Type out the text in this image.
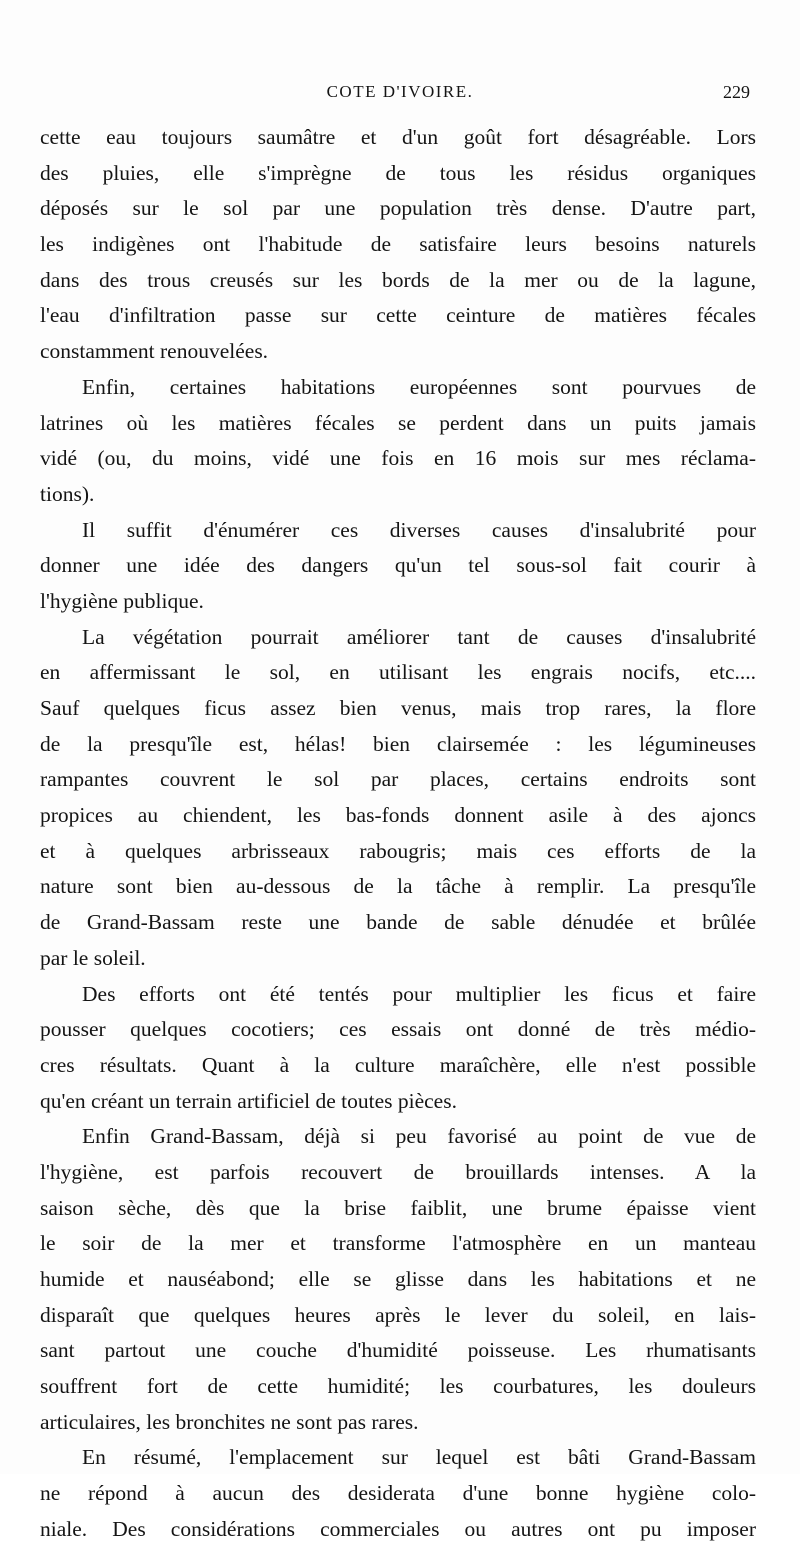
COTE D'IVOIRE.	229
cette eau toujours saumâtre et d'un goût fort désagréable. Lors
des pluies, elle s'imprègne de tous les résidus organiques
déposés sur le sol par une population très dense. D'autre part,
les indigènes ont l'habitude de satisfaire leurs besoins naturels
dans des trous creusés sur les bords de la mer ou de la lagune,
l'eau d'infiltration passe sur cette ceinture de matières fécales
constamment renouvelées.
Enfin, certaines habitations européennes sont pourvues de
latrines où les matières fécales se perdent dans un puits jamais
vidé (ou, du moins, vidé une fois en 16 mois sur mes réclama-
tions).
Il suffit d'énumérer ces diverses causes d'insalubrité pour
donner une idée des dangers qu'un tel sous-sol fait courir à
l'hygiène publique.
La végétation pourrait améliorer tant de causes d'insalubrité
en affermissant le sol, en utilisant les engrais nocifs, etc....
Sauf quelques ficus assez bien venus, mais trop rares, la flore
de la presqu'île est, hélas! bien clairsemée : les légumineuses
rampantes couvrent le sol par places, certains endroits sont
propices au chiendent, les bas-fonds donnent asile à des ajoncs
et à quelques arbrisseaux rabougris; mais ces efforts de la
nature sont bien au-dessous de la tâche à remplir. La presqu'île
de Grand-Bassam reste une bande de sable dénudée et brûlée
par le soleil.
Des efforts ont été tentés pour multiplier les ficus et faire
pousser quelques cocotiers; ces essais ont donné de très médio-
cres résultats. Quant à la culture maraîchère, elle n'est possible
qu'en créant un terrain artificiel de toutes pièces.
Enfin Grand-Bassam, déjà si peu favorisé au point de vue de
l'hygiène, est parfois recouvert de brouillards intenses. A la
saison sèche, dès que la brise faiblit, une brume épaisse vient
le soir de la mer et transforme l'atmosphère en un manteau
humide et nauséabond; elle se glisse dans les habitations et ne
disparaît que quelques heures après le lever du soleil, en lais-
sant partout une couche d'humidité poisseuse. Les rhumatisants
souffrent fort de cette humidité; les courbatures, les douleurs
articulaires, les bronchites ne sont pas rares.
En résumé, l'emplacement sur lequel est bâti Grand-Bassam
ne répond à aucun des desiderata d'une bonne hygiène colo-
niale. Des considérations commerciales ou autres ont pu imposer
